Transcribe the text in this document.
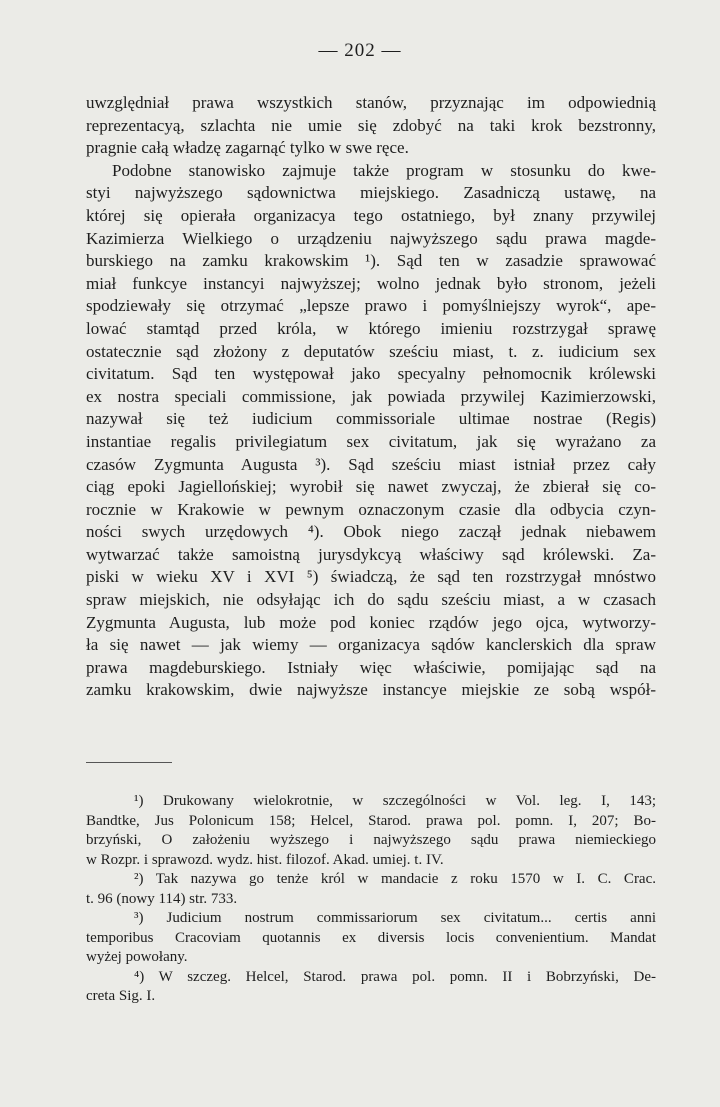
— 202 —
uwzględniał prawa wszystkich stanów, przyznając im odpowiednią
reprezentacyą, szlachta nie umie się zdobyć na taki krok bezstronny,
pragnie całą władzę zagarnąć tylko w swe ręce.
Podobne stanowisko zajmuje także program w stosunku do kwe-
styi najwyższego sądownictwa miejskiego. Zasadniczą ustawę, na
której się opierała organizacya tego ostatniego, był znany przywilej
Kazimierza Wielkiego o urządzeniu najwyższego sądu prawa magde-
burskiego na zamku krakowskim ¹). Sąd ten w zasadzie sprawować
miał funkcye instancyi najwyższej; wolno jednak było stronom, jeżeli
spodziewały się otrzymać „lepsze prawo i pomyślniejszy wyrok“, ape-
lować stamtąd przed króla, w którego imieniu rozstrzygał sprawę
ostatecznie sąd złożony z deputatów sześciu miast, t. z. iudicium sex
civitatum. Sąd ten występował jako specyalny pełnomocnik królewski
ex nostra speciali commissione, jak powiada przywilej Kazimierzowski,
nazywał się też iudicium commissoriale ultimae nostrae (Regis)
instantiae regalis privilegiatum sex civitatum, jak się wyrażano za
czasów Zygmunta Augusta ³). Sąd sześciu miast istniał przez cały
ciąg epoki Jagiellońskiej; wyrobił się nawet zwyczaj, że zbierał się co-
rocznie w Krakowie w pewnym oznaczonym czasie dla odbycia czyn-
ności swych urzędowych ⁴). Obok niego zaczął jednak niebawem
wytwarzać także samoistną jurysdykcyą właściwy sąd królewski. Za-
piski w wieku XV i XVI ⁵) świadczą, że sąd ten rozstrzygał mnóstwo
spraw miejskich, nie odsyłając ich do sądu sześciu miast, a w czasach
Zygmunta Augusta, lub może pod koniec rządów jego ojca, wytworzy-
ła się nawet — jak wiemy — organizacya sądów kanclerskich dla spraw
prawa magdeburskiego. Istniały więc właściwie, pomijając sąd na
zamku krakowskim, dwie najwyższe instancye miejskie ze sobą współ-
¹) Drukowany wielokrotnie, w szczególności w Vol. leg. I, 143;
Bandtke, Jus Polonicum 158; Helcel, Starod. prawa pol. pomn. I, 207; Bo-
brzyński, O założeniu wyższego i najwyższego sądu prawa niemieckiego
w Rozpr. i sprawozd. wydz. hist. filozof. Akad. umiej. t. IV.
²) Tak nazywa go tenże król w mandacie z roku 1570 w I. C. Crac.
t. 96 (nowy 114) str. 733.
³) Judicium nostrum commissariorum sex civitatum... certis anni
temporibus Cracoviam quotannis ex diversis locis convenientium. Mandat
wyżej powołany.
⁴) W szczeg. Helcel, Starod. prawa pol. pomn. II i Bobrzyński, De-
creta Sig. I.
